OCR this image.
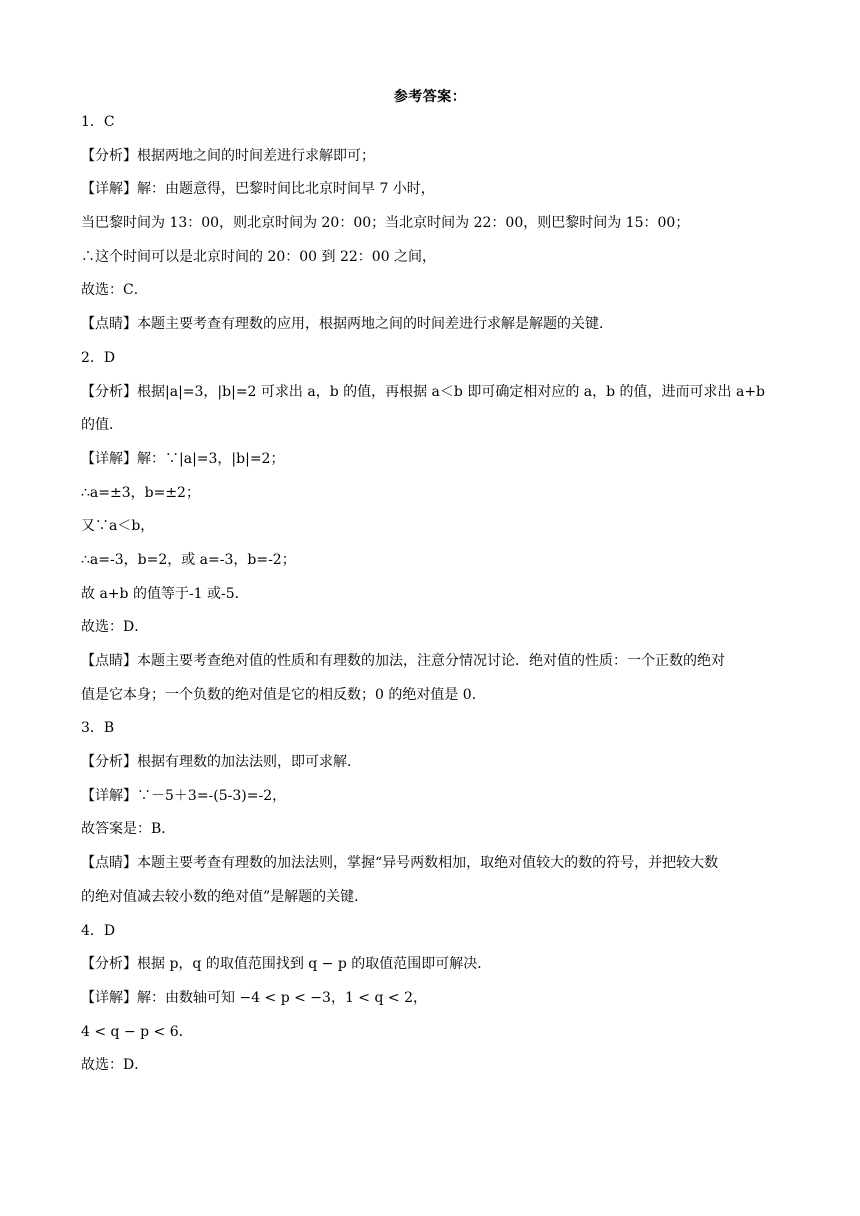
参考答案：
1．C
【分析】根据两地之间的时间差进行求解即可；
【详解】解：由题意得，巴黎时间比北京时间早 7 小时，
当巴黎时间为 13：00，则北京时间为 20：00；当北京时间为 22：00，则巴黎时间为 15：00；
∴这个时间可以是北京时间的 20：00 到 22：00 之间，
故选：C．
【点睛】本题主要考查有理数的应用，根据两地之间的时间差进行求解是解题的关键．
2．D
【分析】根据|a|=3，|b|=2 可求出 a，b 的值，再根据 a＜b 即可确定相对应的 a，b 的值，进而可求出 a+b
的值．
【详解】解：∵|a|=3，|b|=2；
∴a=±3，b=±2；
又∵a＜b，
∴a=-3，b=2，或 a=-3，b=-2；
故 a+b 的值等于-1 或-5．
故选：D．
【点睛】本题主要考查绝对值的性质和有理数的加法，注意分情况讨论．绝对值的性质：一个正数的绝对
值是它本身；一个负数的绝对值是它的相反数；0 的绝对值是 0．
3．B
【分析】根据有理数的加法法则，即可求解．
【详解】∵－5＋3=-(5-3)=-2，
故答案是：B．
【点睛】本题主要考查有理数的加法法则，掌握“异号两数相加，取绝对值较大的数的符号，并把较大数
的绝对值减去较小数的绝对值”是解题的关键．
4．D
【分析】根据 p，q 的取值范围找到 q − p 的取值范围即可解决．
【详解】解：由数轴可知 −4 < p < −3，1 < q < 2，
4 < q − p < 6．
故选：D．
